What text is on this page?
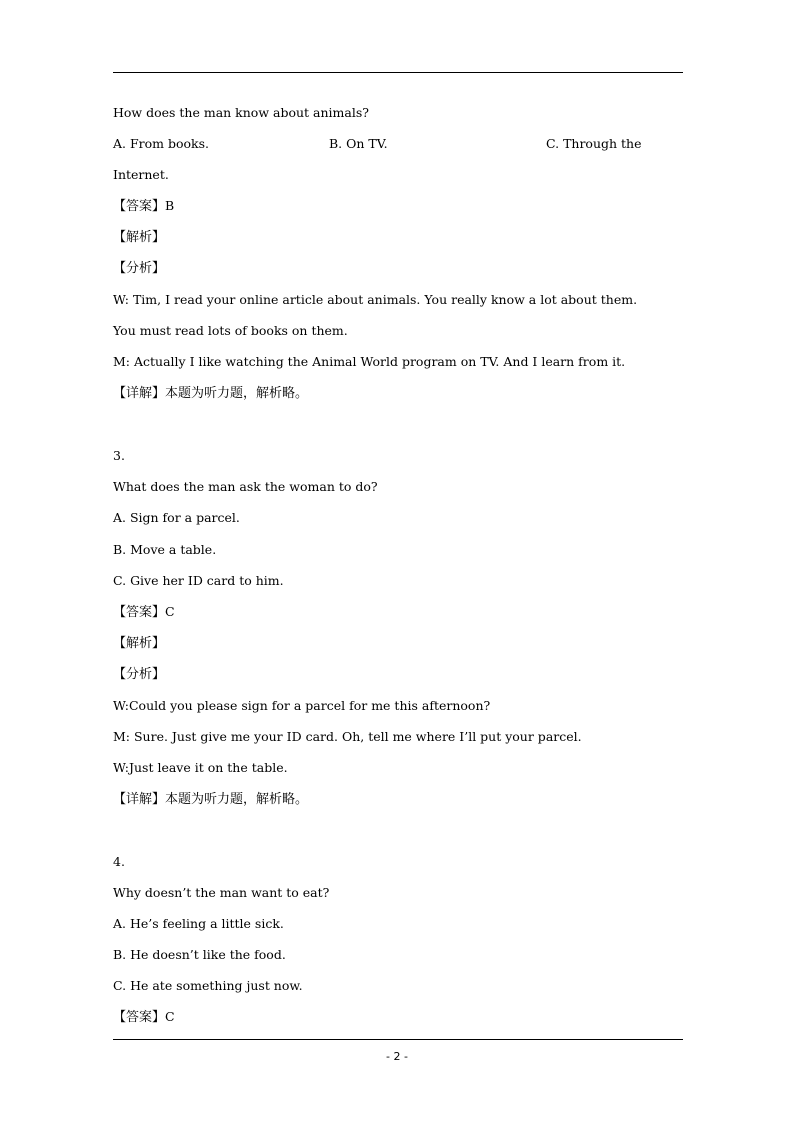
How does the man know about animals?
A. From books.	B. On TV.	C. Through the
Internet.
【答案】B
【解析】
【分析】
W: Tim, I read your online article about animals. You really know a lot about them.
You must read lots of books on them.
M: Actually I like watching the Animal World program on TV. And I learn from it.
【详解】本题为听力题，解析略。
3.
What does the man ask the woman to do?
A. Sign for a parcel.
B. Move a table.
C. Give her ID card to him.
【答案】C
【解析】
【分析】
W:Could you please sign for a parcel for me this afternoon?
M: Sure. Just give me your ID card. Oh, tell me where I’ll put your parcel.
W:Just leave it on the table.
【详解】本题为听力题，解析略。
4.
Why doesn’t the man want to eat?
A. He’s feeling a little sick.
B. He doesn’t like the food.
C. He ate something just now.
【答案】C
- 2 -
